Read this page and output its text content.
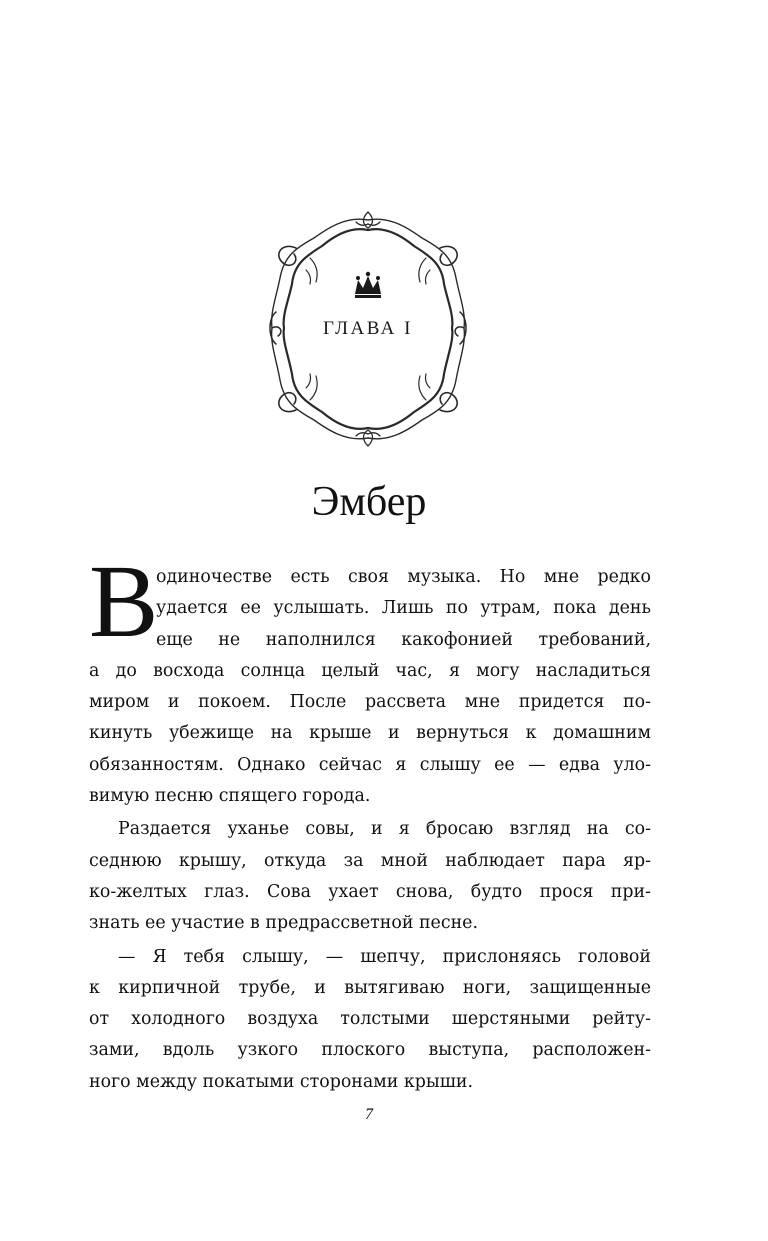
ГЛАВА I
Эмбер
В
одиночестве есть своя музыка. Но мне редко
удается ее услышать. Лишь по утрам, пока день
еще не наполнился какофонией требований,
а до восхода солнца целый час, я могу насладиться
миром и покоем. После рассвета мне придется по-
кинуть убежище на крыше и вернуться к домашним
обязанностям. Однако сейчас я слышу ее — едва уло-
вимую песню спящего города.
Раздается уханье совы, и я бросаю взгляд на со-
седнюю крышу, откуда за мной наблюдает пара яр-
ко-желтых глаз. Сова ухает снова, будто прося при-
знать ее участие в предрассветной песне.
— Я тебя слышу, — шепчу, прислоняясь головой
к кирпичной трубе, и вытягиваю ноги, защищенные
от холодного воздуха толстыми шерстяными рейту-
зами, вдоль узкого плоского выступа, расположен-
ного между покатыми сторонами крыши.
7
